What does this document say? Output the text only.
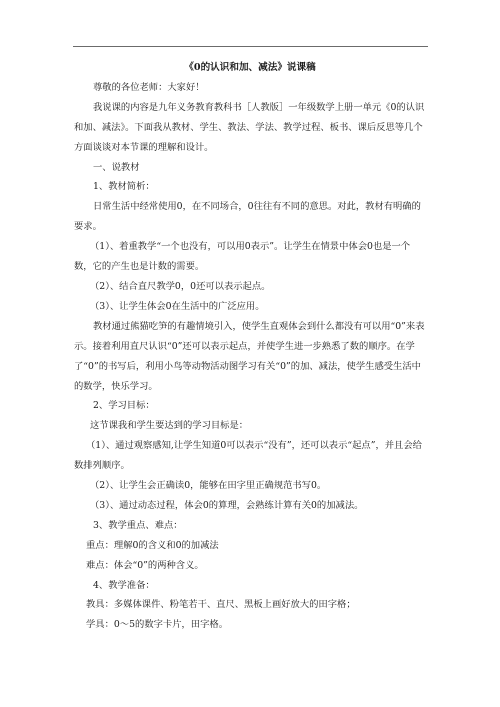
《0的认识和加、减法》说课稿

尊敬的各位老师：大家好！

我说课的内容是九年义务教育教科书［人教版］一年级数学上册一单元《0的认识和加、减法》。下面我从教材、学生、教法、学法、教学过程、板书、课后反思等几个方面谈谈对本节课的理解和设计。

一、说教材

1、教材简析：

日常生活中经常使用0，在不同场合，0往往有不同的意思。对此，教材有明确的要求。

（1）、着重教学“一个也没有，可以用0表示”。让学生在情景中体会0也是一个数，它的产生也是计数的需要。

（2）、结合直尺教学0，0还可以表示起点。

（3）、让学生体会0在生活中的广泛应用。

教材通过熊猫吃笋的有趣情境引入，使学生直观体会到什么都没有可以用“0”来表示。接着利用直尺认识“0”还可以表示起点，并使学生进一步熟悉了数的顺序。在学了“0”的书写后，利用小鸟等动物活动图学习有关“0”的加、减法，使学生感受生活中的数学，快乐学习。

2、学习目标：

这节课我和学生要达到的学习目标是：

（1）、通过观察感知,让学生知道0可以表示“没有”，还可以表示“起点”，并且会给数排列顺序。

（2）、让学生会正确读0，能够在田字里正确规范书写0。

（3）、通过动态过程，体会0的算理，会熟练计算有关0的加减法。

3、教学重点、难点：

重点：理解0的含义和0的加减法

难点：体会“0”的两种含义。

4、教学准备：

教具：多媒体课件、粉笔若干、直尺、黑板上画好放大的田字格；

学具：0～5的数字卡片，田字格。
